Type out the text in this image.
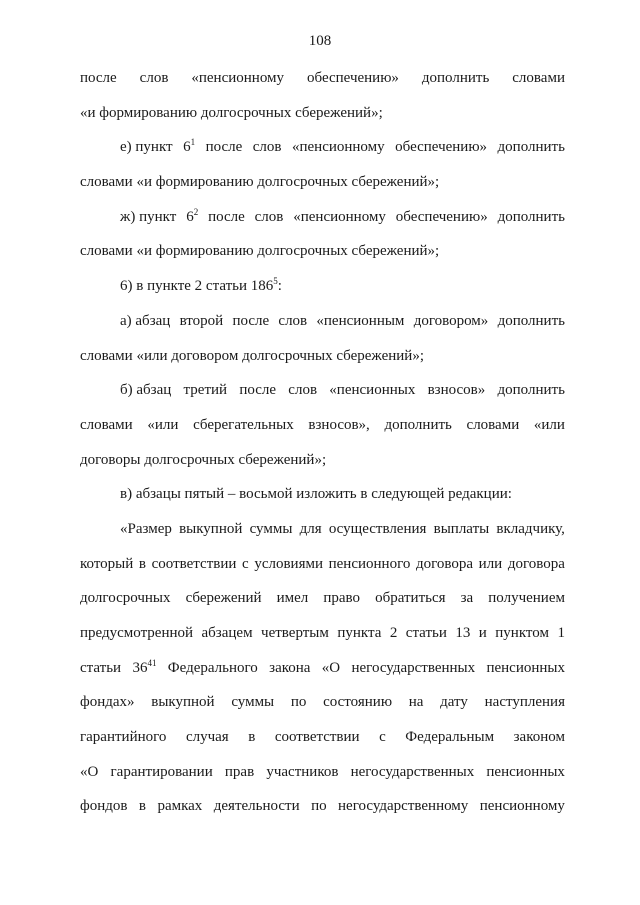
108
после слов «пенсионному обеспечению» дополнить словами
«и формированию долгосрочных сбережений»;
е) пункт $6^1$ после слов «пенсионному обеспечению» дополнить
словами «и формированию долгосрочных сбережений»;
ж) пункт $6^2$ после слов «пенсионному обеспечению» дополнить
словами «и формированию долгосрочных сбережений»;
6) в пункте 2 статьи $186^5$:
а) абзац второй после слов «пенсионным договором» дополнить
словами «или договором долгосрочных сбережений»;
б) абзац третий после слов «пенсионных взносов» дополнить
словами «или сберегательных взносов», дополнить словами «или
договоры долгосрочных сбережений»;
в) абзацы пятый – восьмой изложить в следующей редакции:
«Размер выкупной суммы для осуществления выплаты вкладчику,
который в соответствии с условиями пенсионного договора или договора
долгосрочных сбережений имел право обратиться за получением
предусмотренной абзацем четвертым пункта 2 статьи 13 и пунктом 1
статьи $36^{41}$ Федерального закона «О негосударственных пенсионных
фондах» выкупной суммы по состоянию на дату наступления
гарантийного случая в соответствии с Федеральным законом
«О гарантировании прав участников негосударственных пенсионных
фондов в рамках деятельности по негосударственному пенсионному
